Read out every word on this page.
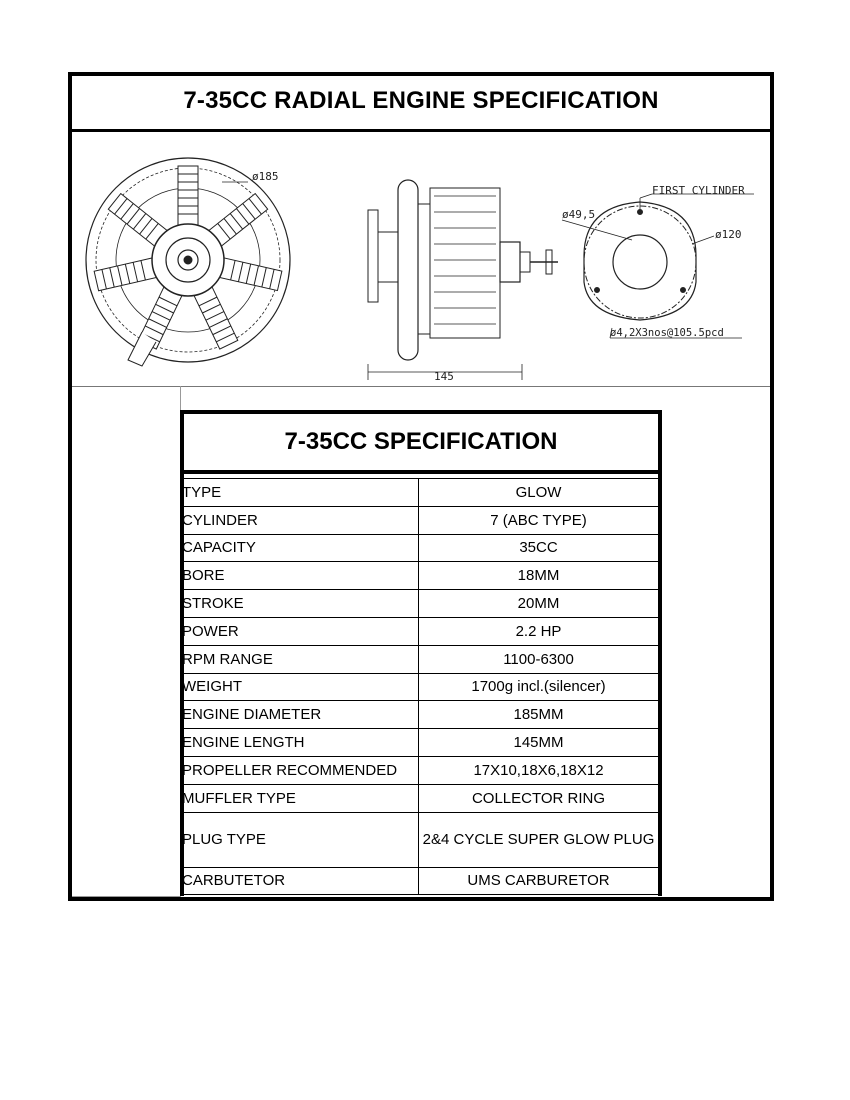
7-35CC RADIAL ENGINE SPECIFICATION
ø185
145
FIRST CYLINDER
ø49,5
ø120
ø4,2X3nos@105.5pcd
7-35CC SPECIFICATION
TYPE	GLOW
CYLINDER	7 (ABC TYPE)
CAPACITY	35CC
BORE	18MM
STROKE	20MM
POWER	2.2 HP
RPM RANGE	1100-6300
WEIGHT	1700g incl.(silencer)
ENGINE DIAMETER	185MM
ENGINE LENGTH	145MM
PROPELLER RECOMMENDED	17X10,18X6,18X12
MUFFLER TYPE	COLLECTOR RING
PLUG TYPE	2&4 CYCLE SUPER GLOW PLUG
CARBUTETOR	UMS CARBURETOR
